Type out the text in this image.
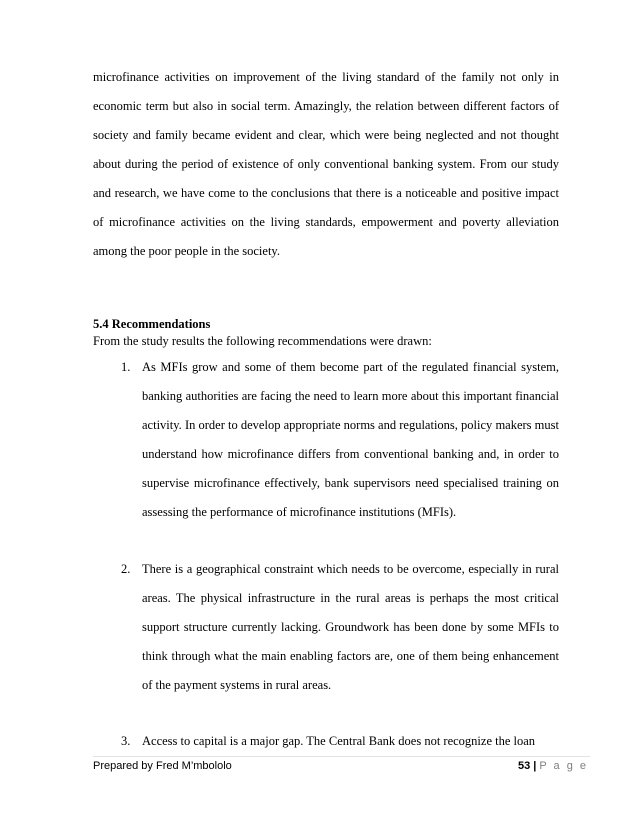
microfinance activities on improvement of the living standard of the family not only in economic term but also in social term. Amazingly, the relation between different factors of society and family became evident and clear, which were being neglected and not thought about during the period of existence of only conventional banking system. From our study and research, we have come to the conclusions that there is a noticeable and positive impact of microfinance activities on the living standards, empowerment and poverty alleviation among the poor people in the society.

5.4 Recommendations
From the study results the following recommendations were drawn:
1. As MFIs grow and some of them become part of the regulated financial system, banking authorities are facing the need to learn more about this important financial activity. In order to develop appropriate norms and regulations, policy makers must understand how microfinance differs from conventional banking and, in order to supervise microfinance effectively, bank supervisors need specialised training on assessing the performance of microfinance institutions (MFIs).

2. There is a geographical constraint which needs to be overcome, especially in rural areas. The physical infrastructure in the rural areas is perhaps the most critical support structure currently lacking. Groundwork has been done by some MFIs to think through what the main enabling factors are, one of them being enhancement of the payment systems in rural areas.

3. Access to capital is a major gap. The Central Bank does not recognize the loan

Prepared by Fred M’mbololo	53 | P a g e
